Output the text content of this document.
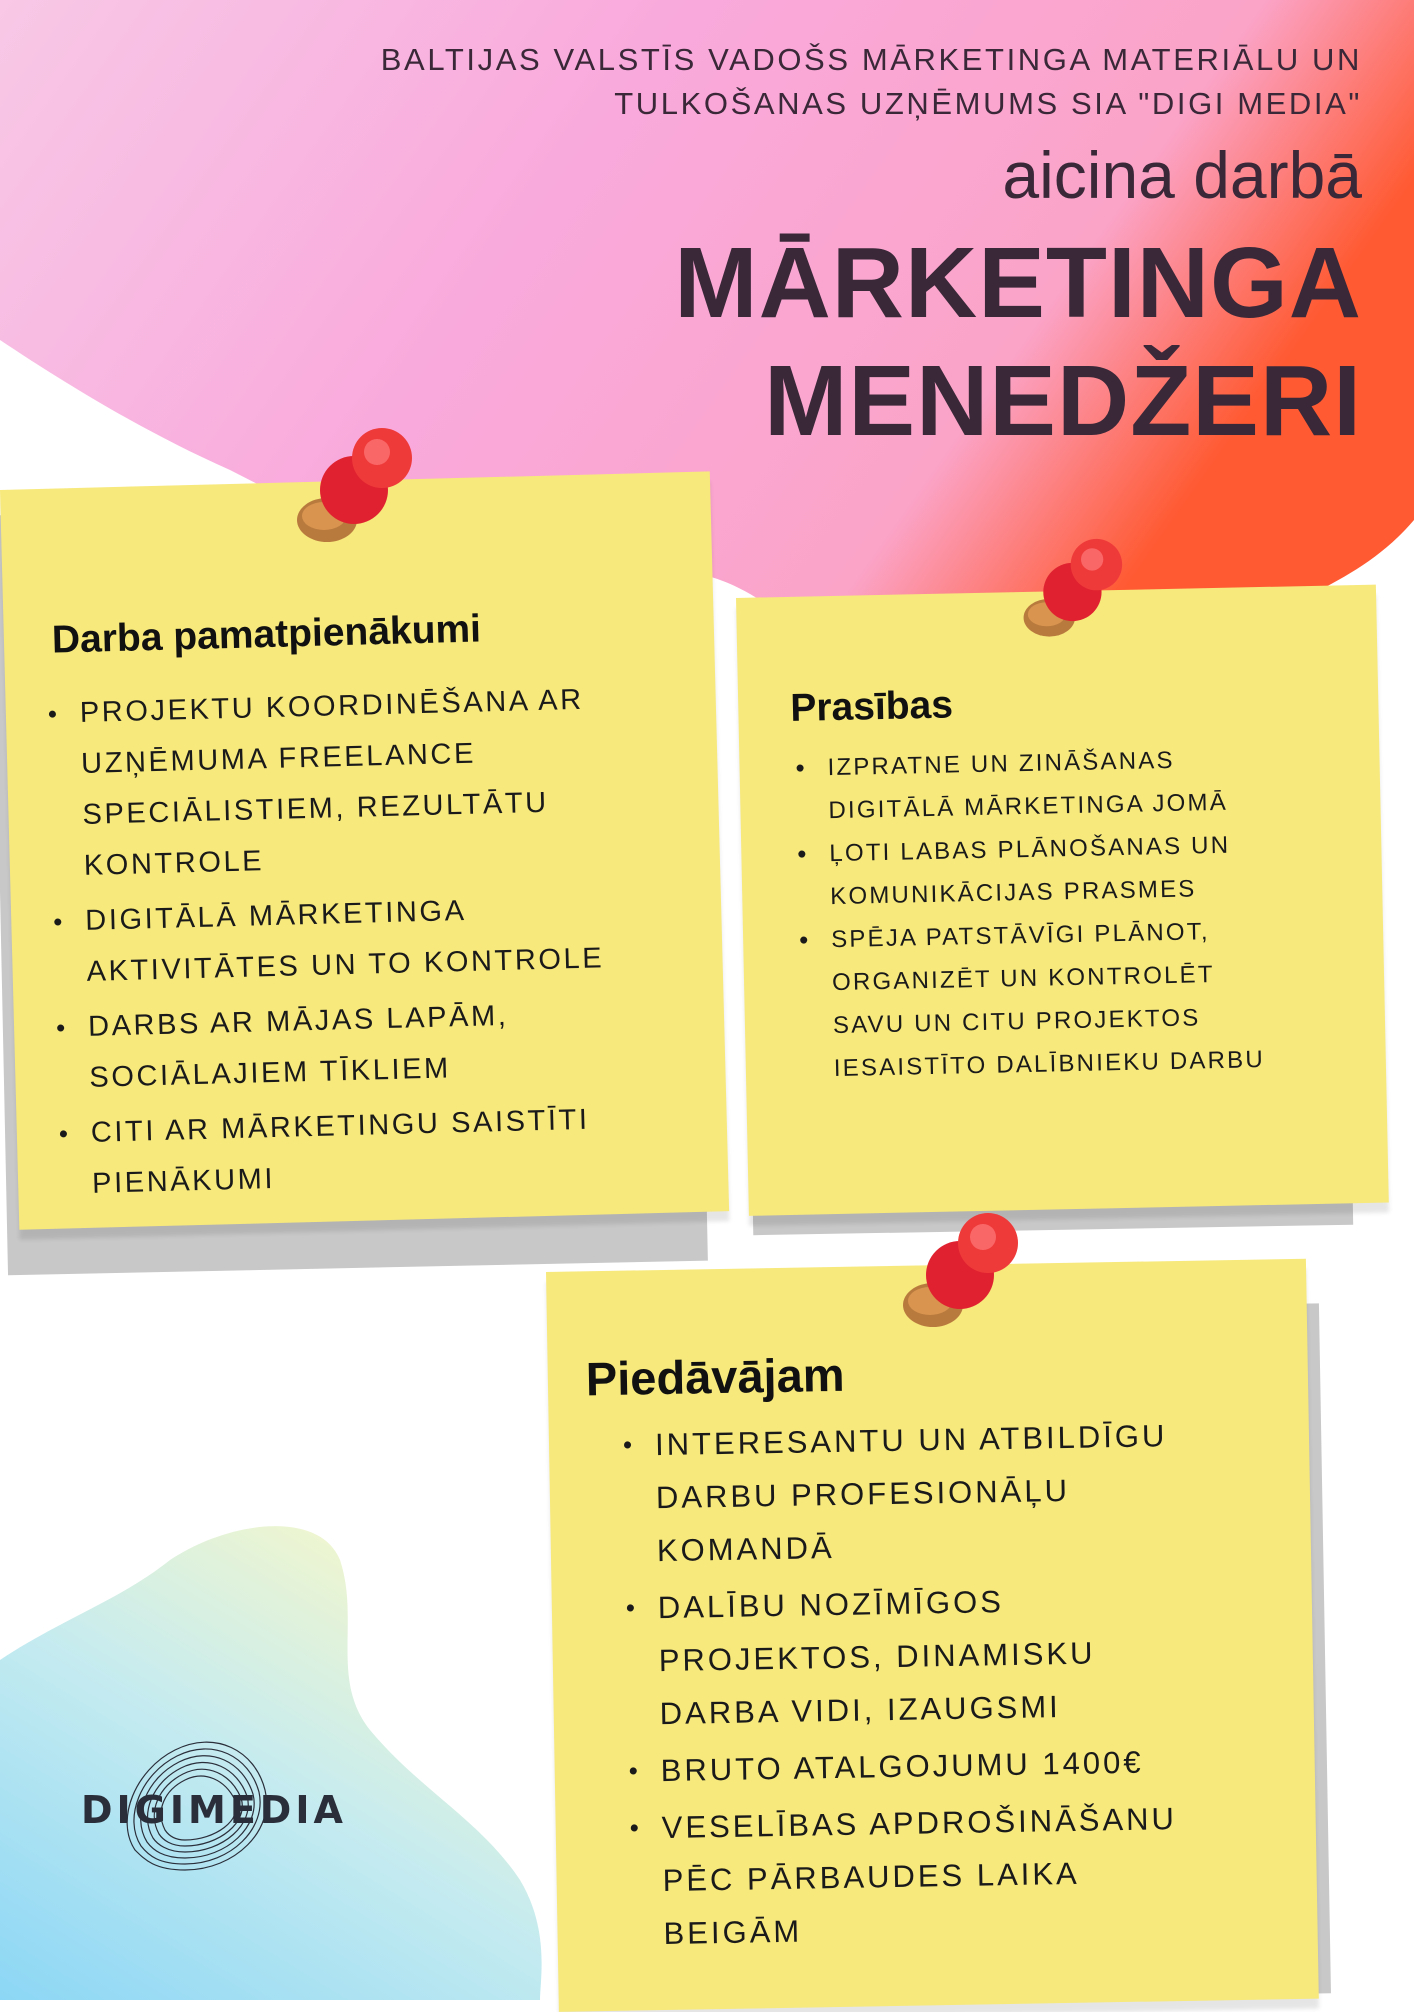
BALTIJAS VALSTĪS VADOŠS MĀRKETINGA MATERIĀLU UN

TULKOŠANAS UZŅĒMUMS SIA "DIGI MEDIA"

aicina darbā

MĀRKETINGA

MENEDŽERI

Darba pamatpienākumi
• PROJEKTU KOORDINĒŠANA AR UZŅĒMUMA FREELANCE SPECIĀLISTIEM, REZULTĀTU KONTROLE
• DIGITĀLĀ MĀRKETINGA AKTIVITĀTES UN TO KONTROLE
• DARBS AR MĀJAS LAPĀM, SOCIĀLAJIEM TĪKLIEM
• CITI AR MĀRKETINGU SAISTĪTI PIENĀKUMI
Prasības
• IZPRATNE UN ZINĀŠANAS DIGITĀLĀ MĀRKETINGA JOMĀ
• ĻOTI LABAS PLĀNOŠANAS UN KOMUNIKĀCIJAS PRASMES
• SPĒJA PATSTĀVĪGI PLĀNOT, ORGANIZĒT UN KONTROLĒT SAVU UN CITU PROJEKTOS IESAISTĪTO DALĪBNIEKU DARBU
Piedāvājam
• INTERESANTU UN ATBILDĪGU DARBU PROFESIONĀĻU KOMANDĀ
• DALĪBU NOZĪMĪGOS PROJEKTOS, DINAMISKU DARBA VIDI, IZAUGSMI
• BRUTO ATALGOJUMU 1400€
• VESELĪBAS APDROŠINĀŠANU PĒC PĀRBAUDES LAIKA BEIGĀM
DIGIMEDIA
